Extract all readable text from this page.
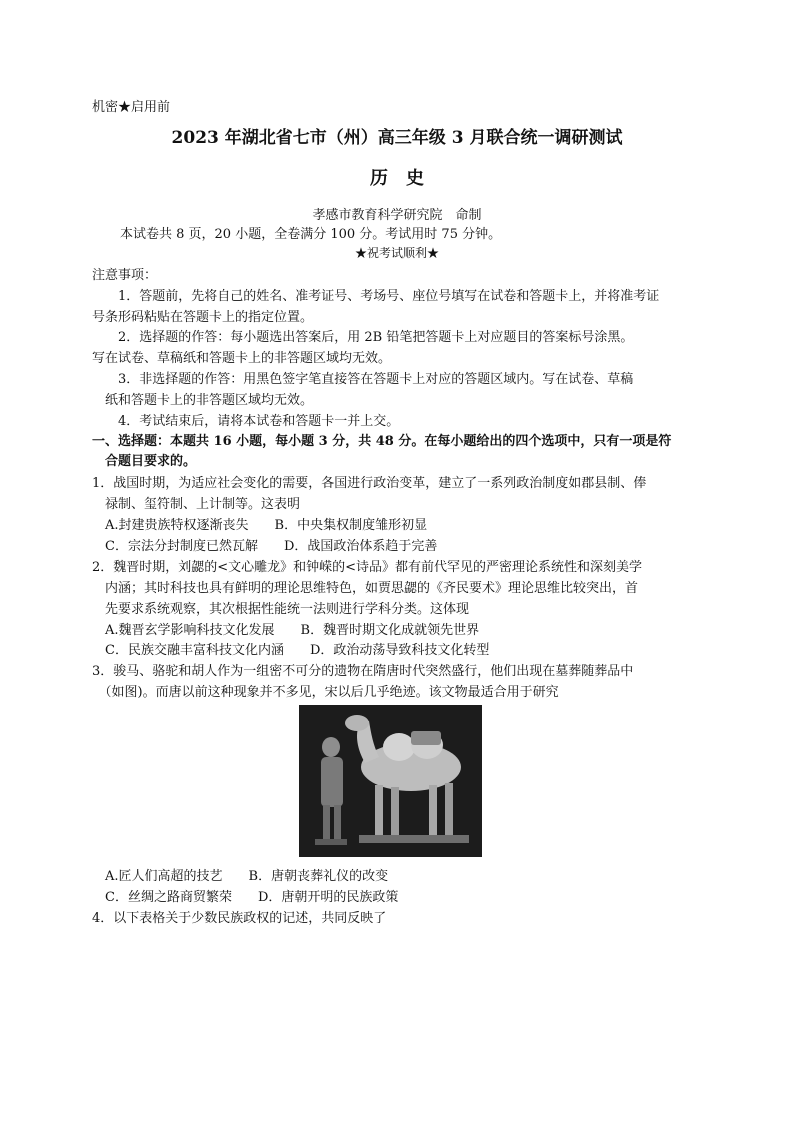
机密★启用前
2023 年湖北省七市（州）高三年级 3 月联合统一调研测试
历史
孝感市教育科学研究院　命制
本试卷共 8 页，20 小题，全卷满分 100 分。考试用时 75 分钟。
★祝考试顺利★
注意事项：
　　1．答题前，先将自己的姓名、准考证号、考场号、座位号填写在试卷和答题卡上，并将准考证
号条形码粘贴在答题卡上的指定位置。
　　2．选择题的作答：每小题选出答案后，用 2B 铅笔把答题卡上对应题目的答案标号涂黑。
写在试卷、草稿纸和答题卡上的非答题区域均无效。
　　3．非选择题的作答：用黑色签字笔直接答在答题卡上对应的答题区域内。写在试卷、草稿
　纸和答题卡上的非答题区域均无效。
　　4．考试结束后，请将本试卷和答题卡一并上交。
一、选择题：本题共 16 小题，每小题 3 分，共 48 分。在每小题给出的四个选项中，只有一项是符
　合题目要求的。
1．战国时期，为适应社会变化的需要，各国进行政治变革，建立了一系列政治制度如郡县制、俸
　禄制、玺符制、上计制等。这表明
　A.封建贵族特权逐渐丧失　　B．中央集权制度雏形初显
　C．宗法分封制度已然瓦解　　D．战国政治体系趋于完善
2．魏晋时期，刘勰的<文心雕龙》和钟嵘的<诗品》都有前代罕见的严密理论系统性和深刻美学
　内涵；其时科技也具有鲜明的理论思维特色，如贾思勰的《齐民要术》理论思维比较突出，首
　先要求系统观察，其次根据性能统一法则进行学科分类。这体现
　A.魏晋玄学影响科技文化发展　　B．魏晋时期文化成就领先世界
　C．民族交融丰富科技文化内涵　　D．政治动荡导致科技文化转型
3．骏马、骆驼和胡人作为一组密不可分的遗物在隋唐时代突然盛行，他们出现在墓葬随葬品中
　（如图)。而唐以前这种现象并不多见，宋以后几乎绝迹。该文物最适合用于研究
　A.匠人们高超的技艺　　B．唐朝丧葬礼仪的改变
　C．丝绸之路商贸繁荣　　D．唐朝开明的民族政策
4．以下表格关于少数民族政权的记述，共同反映了
